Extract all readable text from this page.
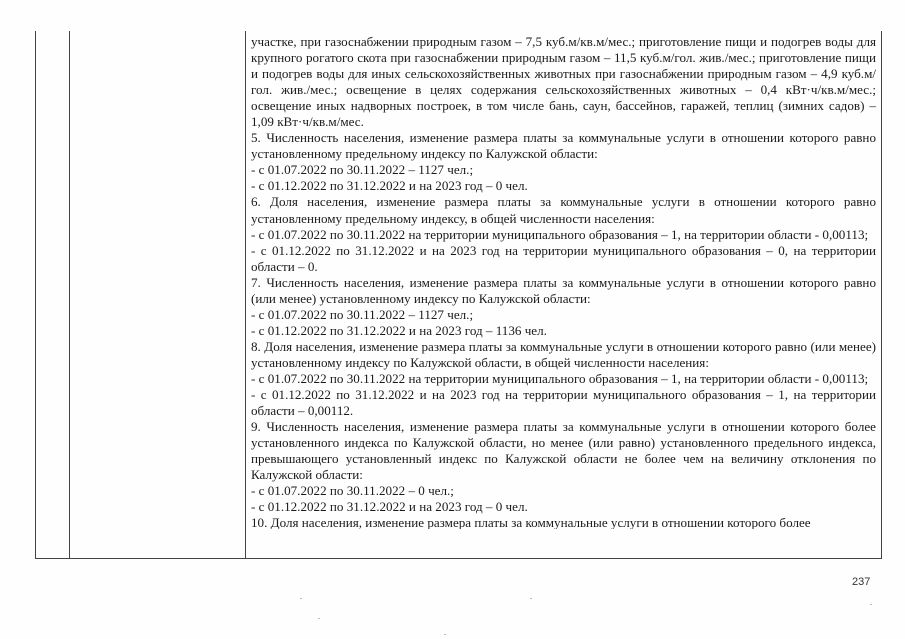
участке, при газоснабжении природным газом – 7,5 куб.м/кв.м/мес.; приготовление пищи и подогрев воды для крупного рогатого скота при газоснабжении природным газом – 11,5 куб.м/гол. жив./мес.; приготовление пищи и подогрев воды для иных сельскохозяйственных животных при газоснабжении природным газом – 4,9 куб.м/гол. жив./мес.; освещение в целях содержания сельскохозяйственных животных – 0,4 кВт·ч/кв.м/мес.; освещение иных надворных построек, в том числе бань, саун, бассейнов, гаражей, теплиц (зимних садов) – 1,09 кВт·ч/кв.м/мес.

5. Численность населения, изменение размера платы за коммунальные услуги в отношении которого равно установленному предельному индексу по Калужской области:

- с 01.07.2022 по 30.11.2022 – 1127 чел.;

- с 01.12.2022 по 31.12.2022 и на 2023 год – 0 чел.

6. Доля населения, изменение размера платы за коммунальные услуги в отношении которого равно установленному предельному индексу, в общей численности населения:

- с 01.07.2022 по 30.11.2022 на территории муниципального образования – 1, на территории области - 0,00113;

- с 01.12.2022 по 31.12.2022 и на 2023 год на территории муниципального образования – 0, на территории области – 0.

7. Численность населения, изменение размера платы за коммунальные услуги в отношении которого равно (или менее) установленному индексу по Калужской области:

- с 01.07.2022 по 30.11.2022 – 1127 чел.;

- с 01.12.2022 по 31.12.2022 и на 2023 год – 1136 чел.

8. Доля населения, изменение размера платы за коммунальные услуги в отношении которого равно (или менее) установленному индексу по Калужской области, в общей численности населения:

- с 01.07.2022 по 30.11.2022 на территории муниципального образования – 1, на территории области - 0,00113;

- с 01.12.2022 по 31.12.2022 и на 2023 год на территории муниципального образования – 1, на территории области – 0,00112.

9. Численность населения, изменение размера платы за коммунальные услуги в отношении которого более установленного индекса по Калужской области, но менее (или равно) установленного предельного индекса, превышающего установленный индекс по Калужской области не более чем на величину отклонения по Калужской области:

- с 01.07.2022 по 30.11.2022 – 0 чел.;

- с 01.12.2022 по 31.12.2022 и на 2023 год – 0 чел.

10. Доля населения, изменение размера платы за коммунальные услуги в отношении которого более

237
